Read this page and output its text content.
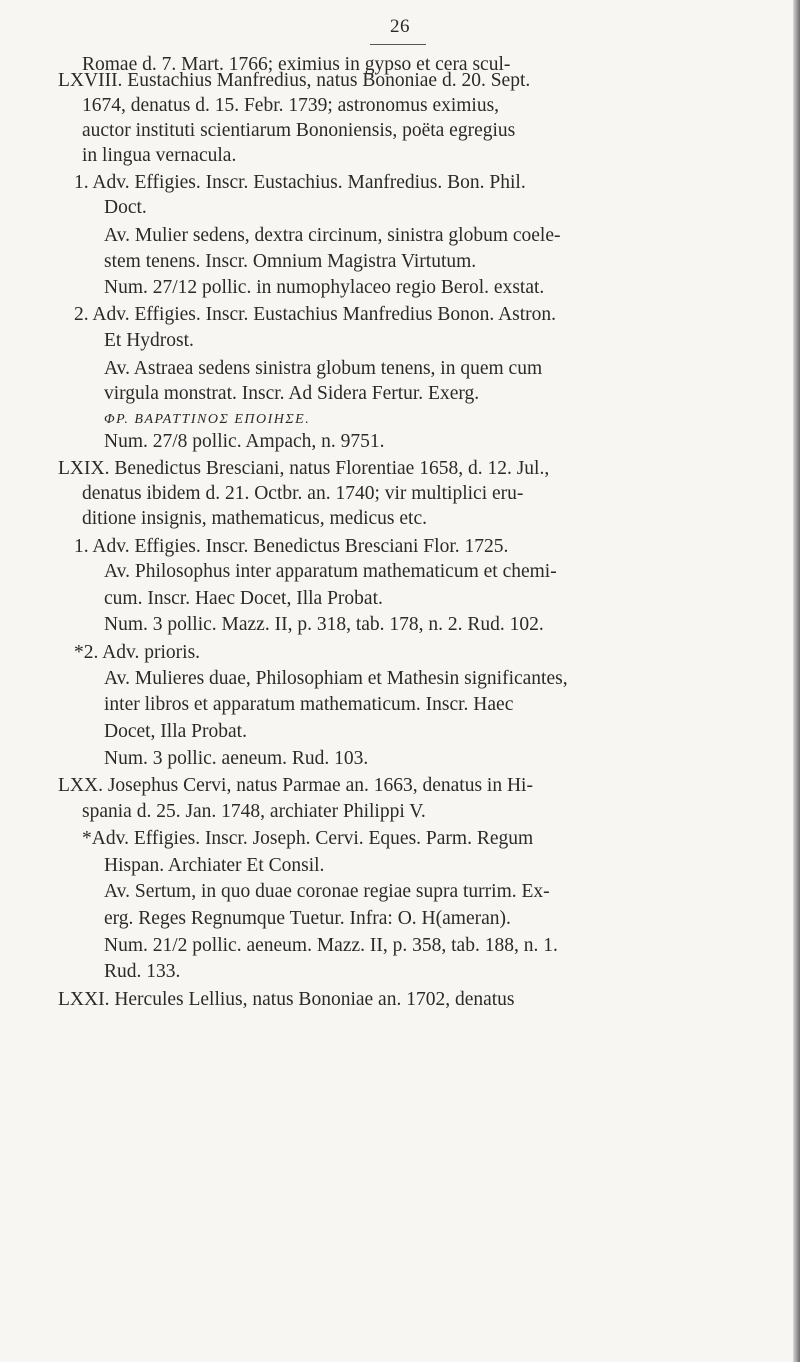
26
LXVIII. Eustachius Manfredius, natus Bononiae d. 20. Sept.
1674, denatus d. 15. Febr. 1739; astronomus eximius,
auctor instituti scientiarum Bononiensis, poëta egregius
in lingua vernacula.
1. Adv. Effigies. Inscr. Eustachius. Manfredius. Bon. Phil.
Doct.
Av. Mulier sedens, dextra circinum, sinistra globum coele-
stem tenens. Inscr. Omnium Magistra Virtutum.
Num. 27/12 pollic. in numophylaceo regio Berol. exstat.
2. Adv. Effigies. Inscr. Eustachius Manfredius Bonon. Astron.
Et Hydrost.
Av. Astraea sedens sinistra globum tenens, in quem cum
virgula monstrat. Inscr. Ad Sidera Fertur. Exerg.
ΦΡ. ΒΑΡΑΤΤΙΝΟΣ ΕΠΟΙΗΣΕ.
Num. 27/8 pollic. Ampach, n. 9751.
LXIX. Benedictus Bresciani, natus Florentiae 1658, d. 12. Jul.,
denatus ibidem d. 21. Octbr. an. 1740; vir multiplici eru-
ditione insignis, mathematicus, medicus etc.
1. Adv. Effigies. Inscr. Benedictus Bresciani Flor. 1725.
Av. Philosophus inter apparatum mathematicum et chemi-
cum. Inscr. Haec Docet, Illa Probat.
Num. 3 pollic. Mazz. II, p. 318, tab. 178, n. 2. Rud. 102.
*2. Adv. prioris.
Av. Mulieres duae, Philosophiam et Mathesin significantes,
inter libros et apparatum mathematicum. Inscr. Haec
Docet, Illa Probat.
Num. 3 pollic. aeneum. Rud. 103.
LXX. Josephus Cervi, natus Parmae an. 1663, denatus in Hi-
spania d. 25. Jan. 1748, archiater Philippi V.
*Adv. Effigies. Inscr. Joseph. Cervi. Eques. Parm. Regum
Hispan. Archiater Et Consil.
Av. Sertum, in quo duae coronae regiae supra turrim. Ex-
erg. Reges Regnumque Tuetur. Infra: O. H(ameran).
Num. 21/2 pollic. aeneum. Mazz. II, p. 358, tab. 188, n. 1.
Rud. 133.
LXXI. Hercules Lellius, natus Bononiae an. 1702, denatus
Romae d. 7. Mart. 1766; eximius in gypso et cera scul-
